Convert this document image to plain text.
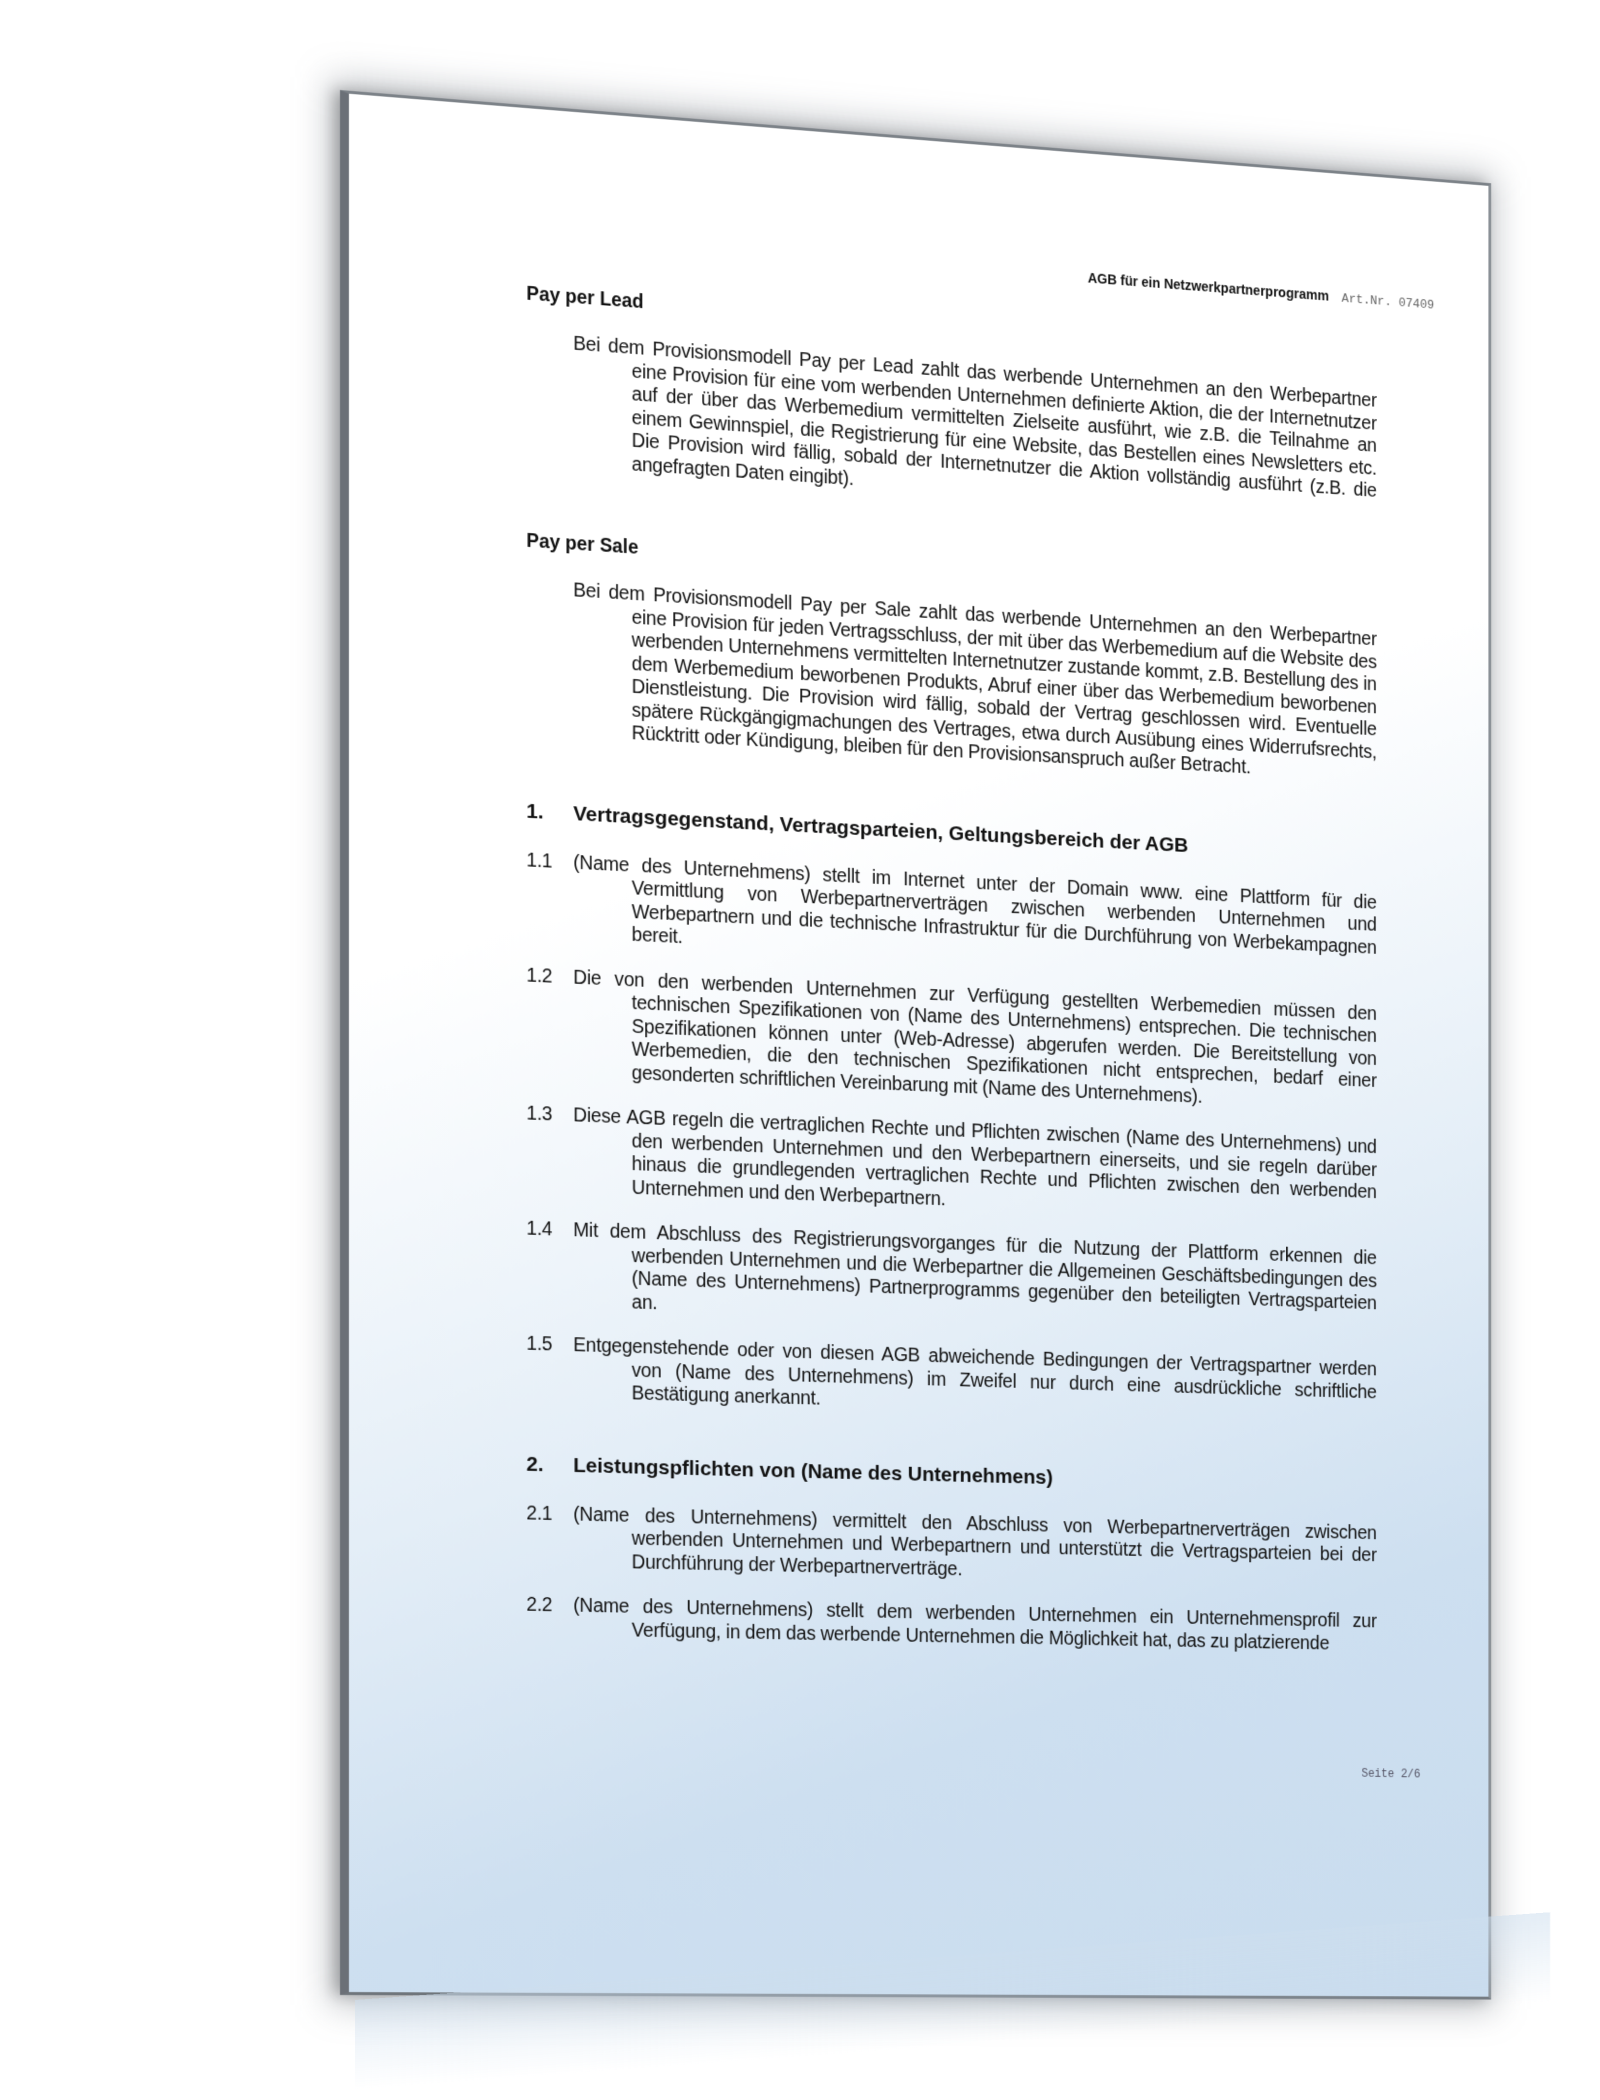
AGB für ein Netzwerkpartnerprogramm Art.Nr. 07409
Pay per Lead

Bei dem Provisionsmodell Pay per Lead zahlt das werbende Unternehmen an den Werbepartner eine Provision für eine vom werbenden Unternehmen definierte Aktion, die der Internetnutzer auf der über das Werbemedium vermittelten Zielseite ausführt, wie z.B. die Teilnahme an einem Gewinnspiel, die Registrierung für eine Website, das Bestellen eines Newsletters etc. Die Provision wird fällig, sobald der Internetnutzer die Aktion vollständig ausführt (z.B. die angefragten Daten eingibt).

Pay per Sale

Bei dem Provisionsmodell Pay per Sale zahlt das werbende Unternehmen an den Werbepartner eine Provision für jeden Vertragsschluss, der mit über das Werbemedium auf die Website des werbenden Unternehmens vermittelten Internetnutzer zustande kommt, z.B. Bestellung des in dem Werbemedium beworbenen Produkts, Abruf einer über das Werbemedium beworbenen Dienstleistung. Die Provision wird fällig, sobald der Vertrag geschlossen wird. Eventuelle spätere Rückgängigmachungen des Vertrages, etwa durch Ausübung eines Widerrufsrechts, Rücktritt oder Kündigung, bleiben für den Provisionsanspruch außer Betracht.

1.	Vertragsgegenstand, Vertragsparteien, Geltungsbereich der AGB
1.1	(Name des Unternehmens) stellt im Internet unter der Domain www. eine Plattform für die Vermittlung von Werbepartnerverträgen zwischen werbenden Unternehmen und Werbepartnern und die technische Infrastruktur für die Durchführung von Werbekampagnen bereit.
1.2	Die von den werbenden Unternehmen zur Verfügung gestellten Werbemedien müssen den technischen Spezifikationen von (Name des Unternehmens) entsprechen. Die technischen Spezifikationen können unter (Web-Adresse) abgerufen werden. Die Bereitstellung von Werbemedien, die den technischen Spezifikationen nicht entsprechen, bedarf einer gesonderten schriftlichen Vereinbarung mit (Name des Unternehmens).
1.3	Diese AGB regeln die vertraglichen Rechte und Pflichten zwischen (Name des Unternehmens) und den werbenden Unternehmen und den Werbepartnern einerseits, und sie regeln darüber hinaus die grundlegenden vertraglichen Rechte und Pflichten zwischen den werbenden Unternehmen und den Werbepartnern.
1.4	Mit dem Abschluss des Registrierungsvorganges für die Nutzung der Plattform erkennen die werbenden Unternehmen und die Werbepartner die Allgemeinen Geschäftsbedingungen des (Name des Unternehmens) Partnerprogramms gegenüber den beteiligten Vertragsparteien an.
1.5	Entgegenstehende oder von diesen AGB abweichende Bedingungen der Vertragspartner werden von (Name des Unternehmens) im Zweifel nur durch eine ausdrückliche schriftliche Bestätigung anerkannt.
2.	Leistungspflichten von (Name des Unternehmens)
2.1	(Name des Unternehmens) vermittelt den Abschluss von Werbepartnerverträgen zwischen werbenden Unternehmen und Werbepartnern und unterstützt die Vertragsparteien bei der Durchführung der Werbepartnerverträge.
2.2	(Name des Unternehmens) stellt dem werbenden Unternehmen ein Unternehmensprofil zur Verfügung, in dem das werbende Unternehmen die Möglichkeit hat, das zu platzierende
Seite 2/6
